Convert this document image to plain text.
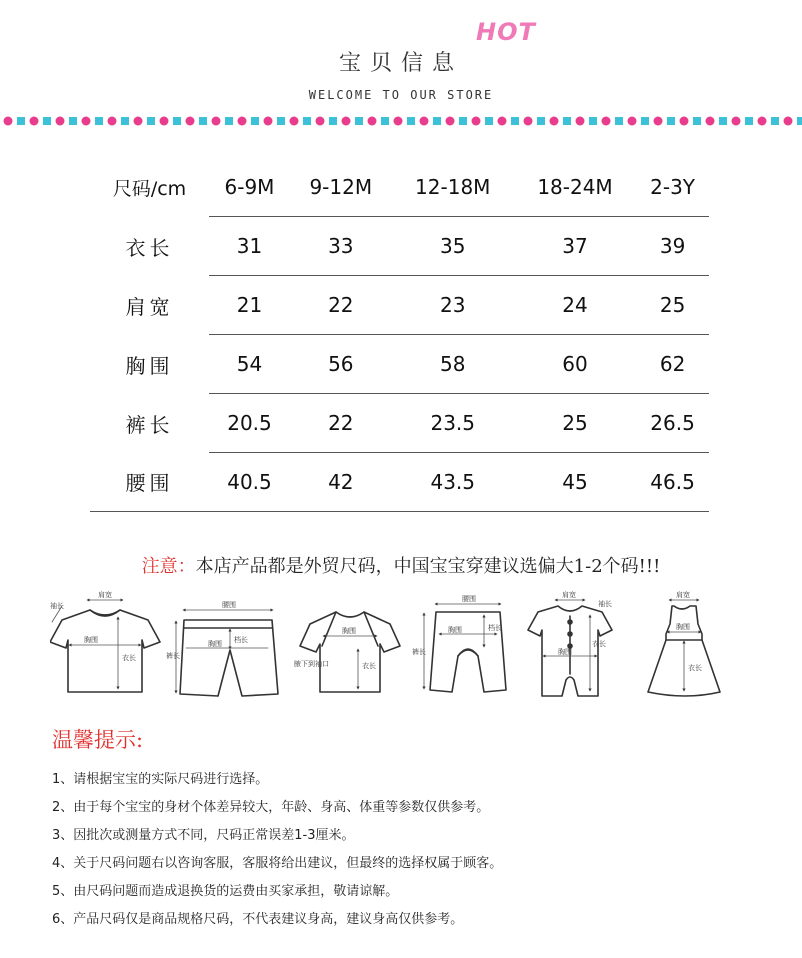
宝贝信息
HOT
WELCOME TO OUR STORE
尺码/cm	6-9M	9-12M	12-18M	18-24M	2-3Y
衣长	31	33	35	37	39
肩宽	21	22	23	24	25
胸围	54	56	58	60	62
裤长	20.5	22	23.5	25	26.5
腰围	40.5	42	43.5	45	46.5
注意：本店产品都是外贸尺码，中国宝宝穿建议选偏大1-2个码!!!
肩宽
袖长
胸围
衣长
腰围
裤长
档长
胸围
胸围
衣长
腋下到袖口
腰围
裤长
胸围	档长
肩宽
胸围
衣长
袖长
肩宽
胸围
衣长
温馨提示:
1、请根据宝宝的实际尺码进行选择。
2、由于每个宝宝的身材个体差异较大，年龄、身高、体重等参数仅供参考。
3、因批次或测量方式不同，尺码正常误差1-3厘米。
4、关于尺码问题右以咨询客服，客服将给出建议，但最终的选择权属于顾客。
5、由尺码问题而造成退换货的运费由买家承担，敬请谅解。
6、产品尺码仅是商品规格尺码，不代表建议身高，建议身高仅供参考。
